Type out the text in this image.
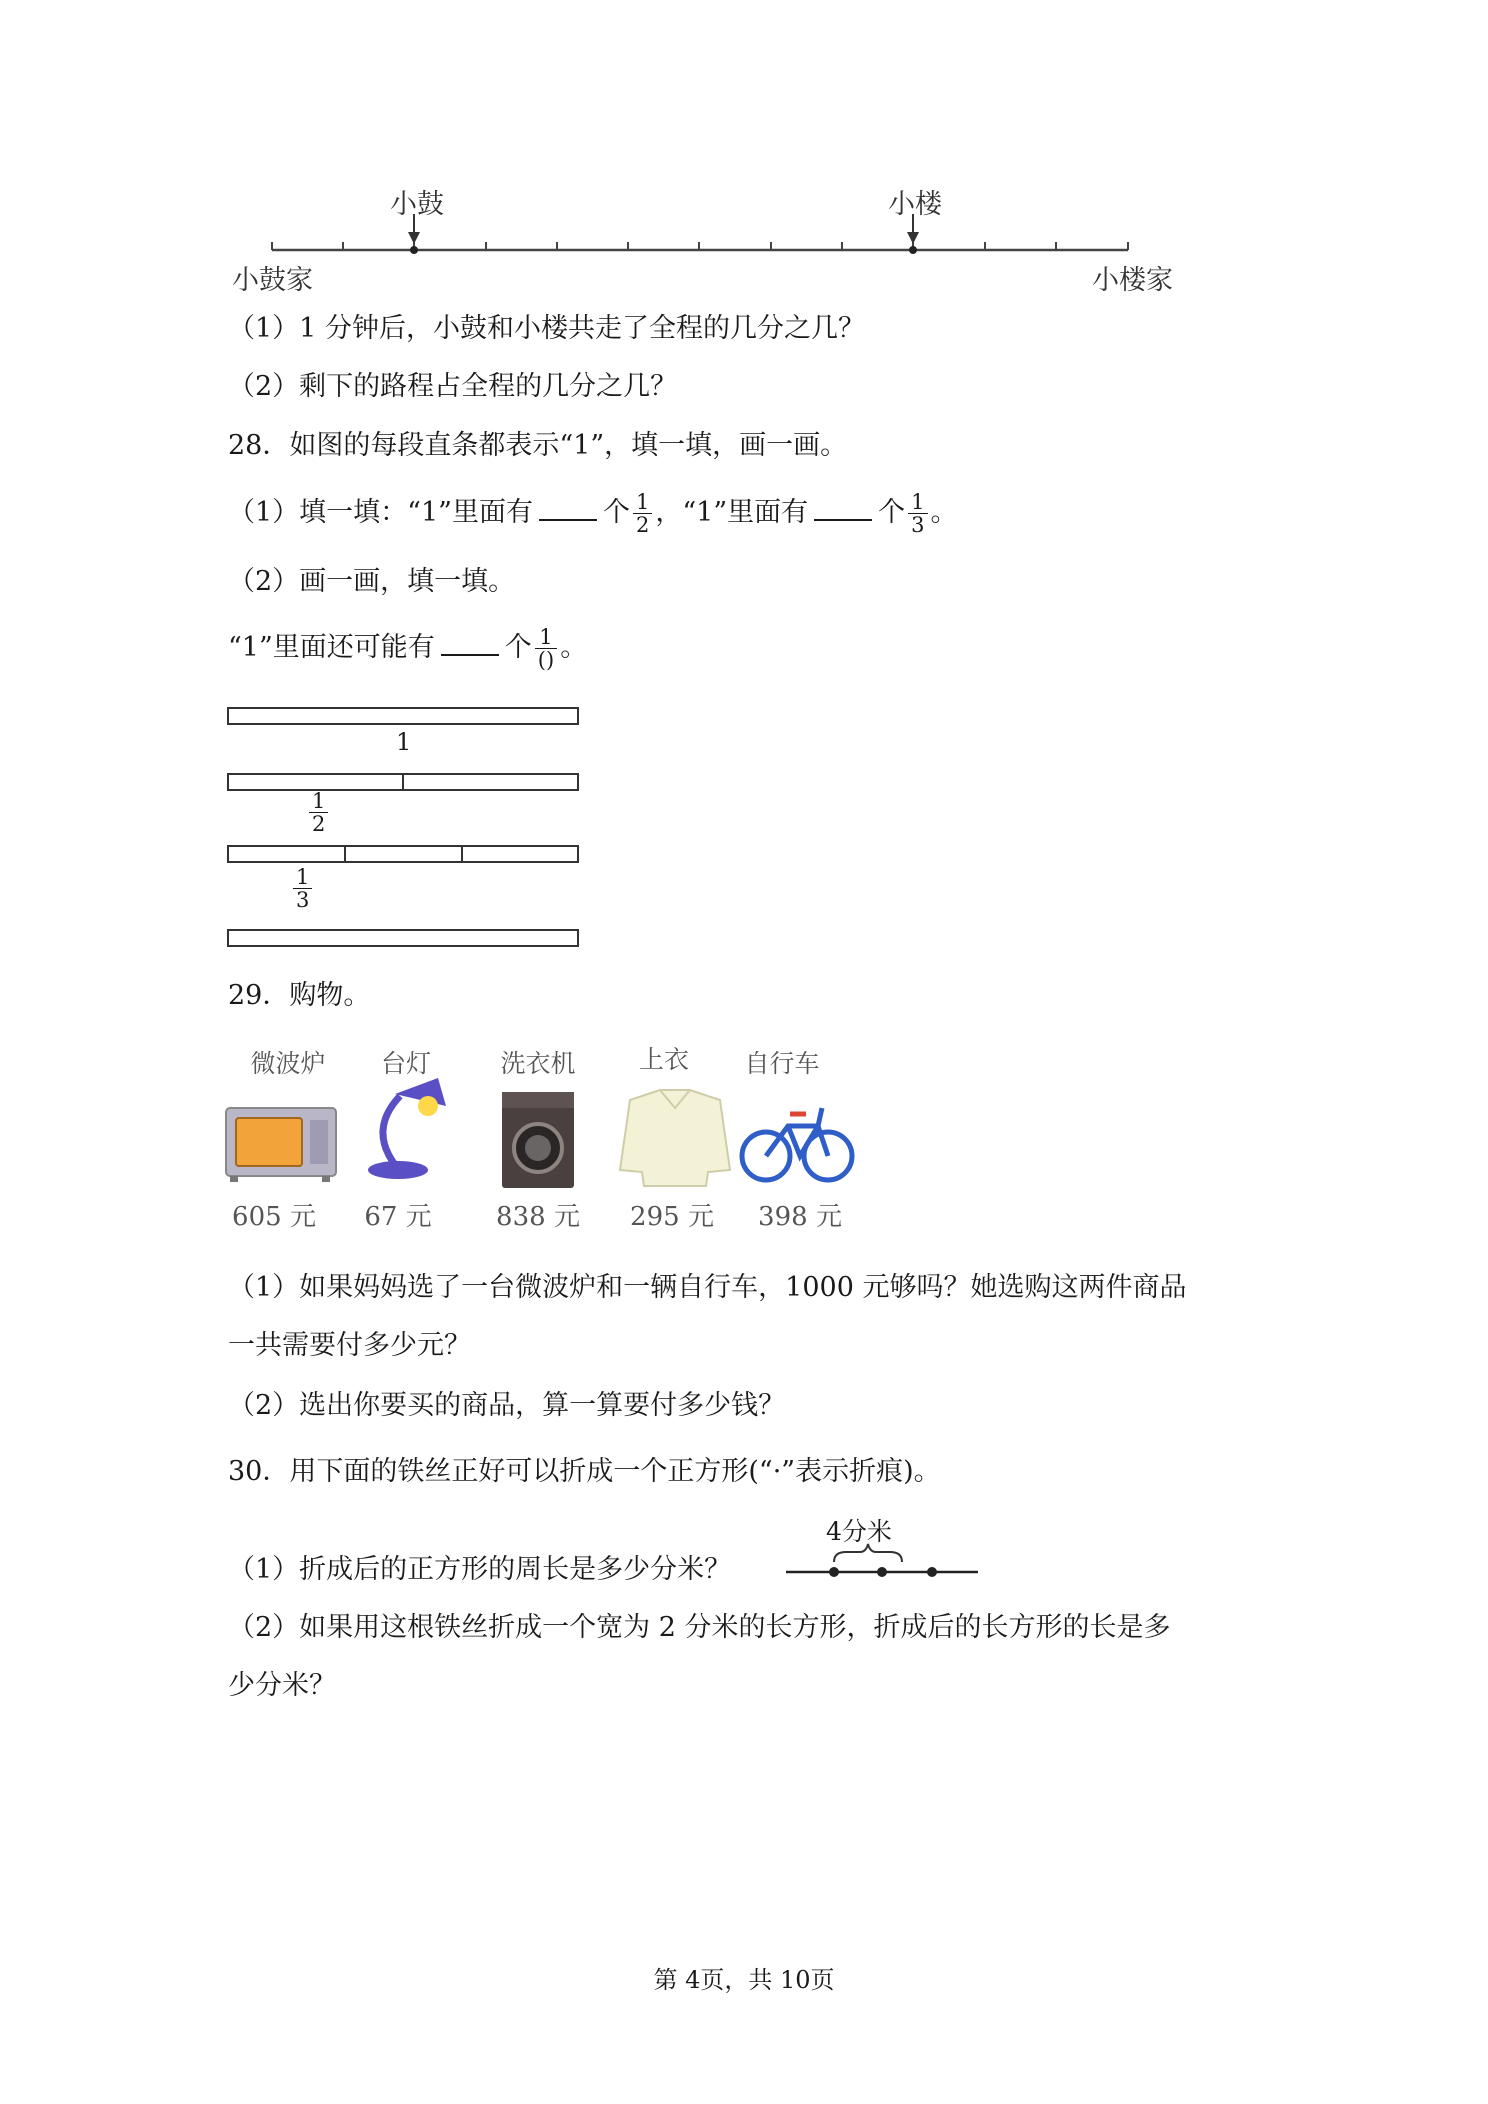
小鼓	小楼
小鼓家	小楼家
（1）1 分钟后，小鼓和小楼共走了全程的几分之几？
（2）剩下的路程占全程的几分之几？
28．如图的每段直条都表示“1”，填一填，画一画。
（1）填一填：“1”里面有	个 $\frac{1}{2}$ ，“1”里面有	个 $\frac{1}{3}$ 。
（2）画一画，填一填。
“1”里面还可能有	个 $\frac{1}{()}$ 。
1
$\frac{1}{2}$
$\frac{1}{3}$
29．购物。
微波炉	台灯	洗衣机	上衣	自行车
605 元	67 元	838 元	295 元	398 元
（1）如果妈妈选了一台微波炉和一辆自行车，1000 元够吗？她选购这两件商品
一共需要付多少元？
（2）选出你要买的商品，算一算要付多少钱？
30．用下面的铁丝正好可以折成一个正方形(“·”表示折痕)。
4分米
（1）折成后的正方形的周长是多少分米？
（2）如果用这根铁丝折成一个宽为 2 分米的长方形，折成后的长方形的长是多
少分米？
第 4页，共 10页
